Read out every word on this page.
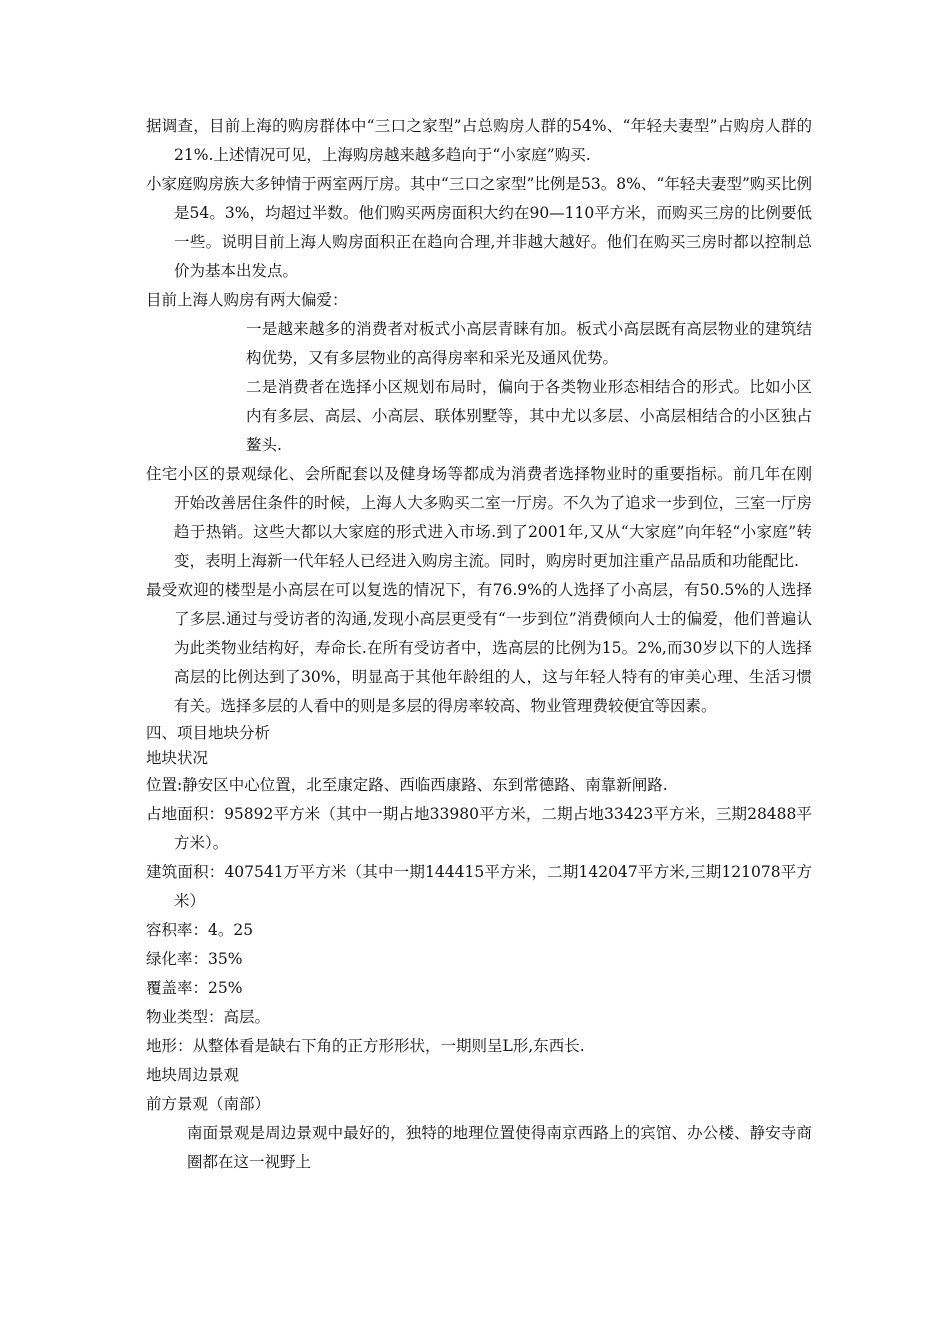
据调查，目前上海的购房群体中“三口之家型”占总购房人群的54%、“年轻夫妻型”占购房人群的21%.上述情况可见，上海购房越来越多趋向于“小家庭”购买.

小家庭购房族大多钟情于两室两厅房。其中“三口之家型”比例是53。8%、“年轻夫妻型”购买比例是54。3%，均超过半数。他们购买两房面积大约在90—110平方米，而购买三房的比例要低一些。说明目前上海人购房面积正在趋向合理,并非越大越好。他们在购买三房时都以控制总价为基本出发点。

目前上海人购房有两大偏爱：

一是越来越多的消费者对板式小高层青睐有加。板式小高层既有高层物业的建筑结构优势，又有多层物业的高得房率和采光及通风优势。

二是消费者在选择小区规划布局时，偏向于各类物业形态相结合的形式。比如小区内有多层、高层、小高层、联体别墅等，其中尤以多层、小高层相结合的小区独占鳌头.

住宅小区的景观绿化、会所配套以及健身场等都成为消费者选择物业时的重要指标。前几年在刚开始改善居住条件的时候，上海人大多购买二室一厅房。不久为了追求一步到位，三室一厅房趋于热销。这些大都以大家庭的形式进入市场.到了2001年,又从“大家庭”向年轻“小家庭”转变，表明上海新一代年轻人已经进入购房主流。同时，购房时更加注重产品品质和功能配比.

最受欢迎的楼型是小高层在可以复选的情况下，有76.9%的人选择了小高层，有50.5%的人选择了多层.通过与受访者的沟通,发现小高层更受有“一步到位”消费倾向人士的偏爱，他们普遍认为此类物业结构好，寿命长.在所有受访者中，选高层的比例为15。2%,而30岁以下的人选择高层的比例达到了30%，明显高于其他年龄组的人，这与年轻人特有的审美心理、生活习惯有关。选择多层的人看中的则是多层的得房率较高、物业管理费较便宜等因素。

四、项目地块分析

地块状况

位置:静安区中心位置，北至康定路、西临西康路、东到常德路、南靠新闸路.

占地面积：95892平方米（其中一期占地33980平方米，二期占地33423平方米，三期28488平方米）。

建筑面积：407541万平方米（其中一期144415平方米，二期142047平方米,三期121078平方米）

容积率：4。25

绿化率：35%

覆盖率：25%

物业类型：高层。

地形：从整体看是缺右下角的正方形形状，一期则呈L形,东西长.

地块周边景观

前方景观（南部）

南面景观是周边景观中最好的，独特的地理位置使得南京西路上的宾馆、办公楼、静安寺商圈都在这一视野上
